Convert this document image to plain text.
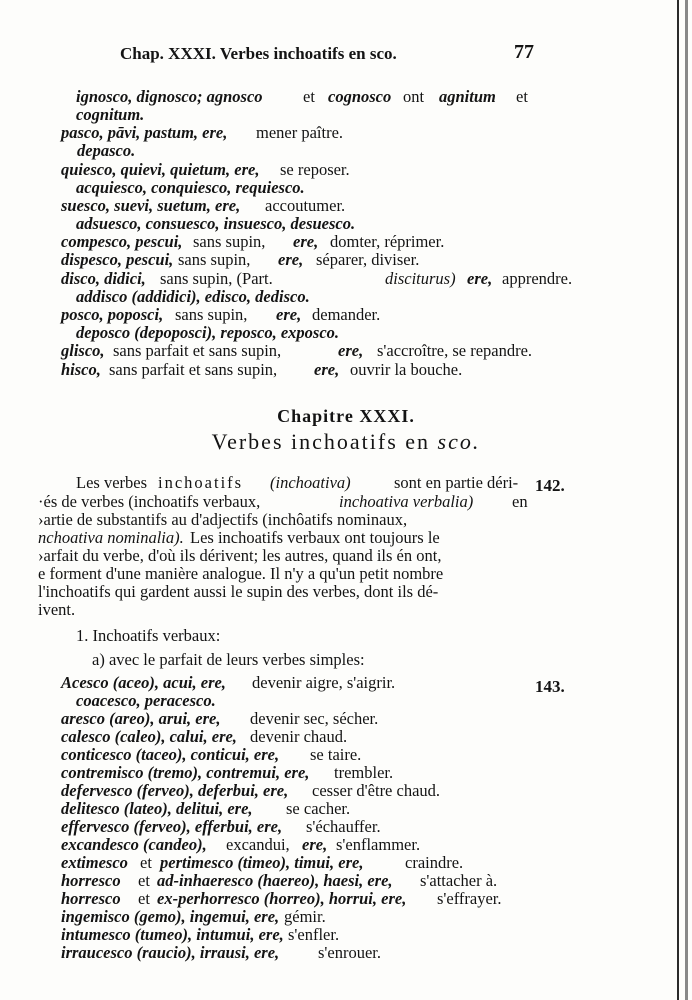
Chap. XXXI. Verbes inchoatifs en sco.	77
ignosco, dignosco; agnosco et cognosco ont agnitum et
cognitum.
pasco, pāvi, pastum, ere, mener paître.
depasco.
quiesco, quievi, quietum, ere, se reposer.
acquiesco, conquiesco, requiesco.
suesco, suevi, suetum, ere, accoutumer.
adsuesco, consuesco, insuesco, desuesco.
compesco, pescui, sans supin, ere, domter, réprimer.
dispesco, pescui, sans supin, ere, séparer, diviser.
disco, didici, sans supin, (Part.	disciturus) ere, apprendre.
addisco (addidici), edisco, dedisco.
posco, poposci, sans supin, ere, demander.
deposco (depoposci), reposco, exposco.
glisco, sans parfait et sans supin,	ere, s'accroître, se repandre.
hisco, sans parfait et sans supin, ere, ouvrir la bouche.
Chapitre XXXI.
Verbes inchoatifs en sco.
142.
Les verbes inchoatifs (inchoativa)	sont en partie déri-
·és de verbes (inchoatifs verbaux,	inchoativa verbalia) en
›artie de substantifs au d'adjectifs (inchôatifs nominaux,
nchoativa nominalia). Les inchoatifs verbaux ont toujours le
›arfait du verbe, d'où ils dérivent; les autres, quand ils én ont,
e forment d'une manière analogue. Il n'y a qu'un petit nombre
l'inchoatifs qui gardent aussi le supin des verbes, dont ils dé-
ivent.
1. Inchoatifs verbaux:
a) avec le parfait de leurs verbes simples:
143.
Acesco (aceo), acui, ere, devenir aigre, s'aigrir.
coacesco, peracesco.
aresco (areo), arui, ere, devenir sec, sécher.
calesco (caleo), calui, ere, devenir chaud.
conticesco (taceo), conticui, ere, se taire.
contremisco (tremo), contremui, ere, trembler.
defervesco (ferveo), deferbui, ere, cesser d'être chaud.
delitesco (lateo), delitui, ere, se cacher.
effervesco (ferveo), efferbui, ere, s'échauffer.
excandesco (candeo), excandui, ere, s'enflammer.
extimesco et pertimesco (timeo), timui, ere,	craindre.
horresco et ad-inhaeresco (haereo), haesi, ere, s'attacher à.
horresco et ex-perhorresco (horreo), horrui, ere, s'effrayer.
ingemisco (gemo), ingemui, ere, gémir.
intumesco (tumeo), intumui, ere, s'enfler.
irraucesco (raucio), irrausi, ere, s'enrouer.
